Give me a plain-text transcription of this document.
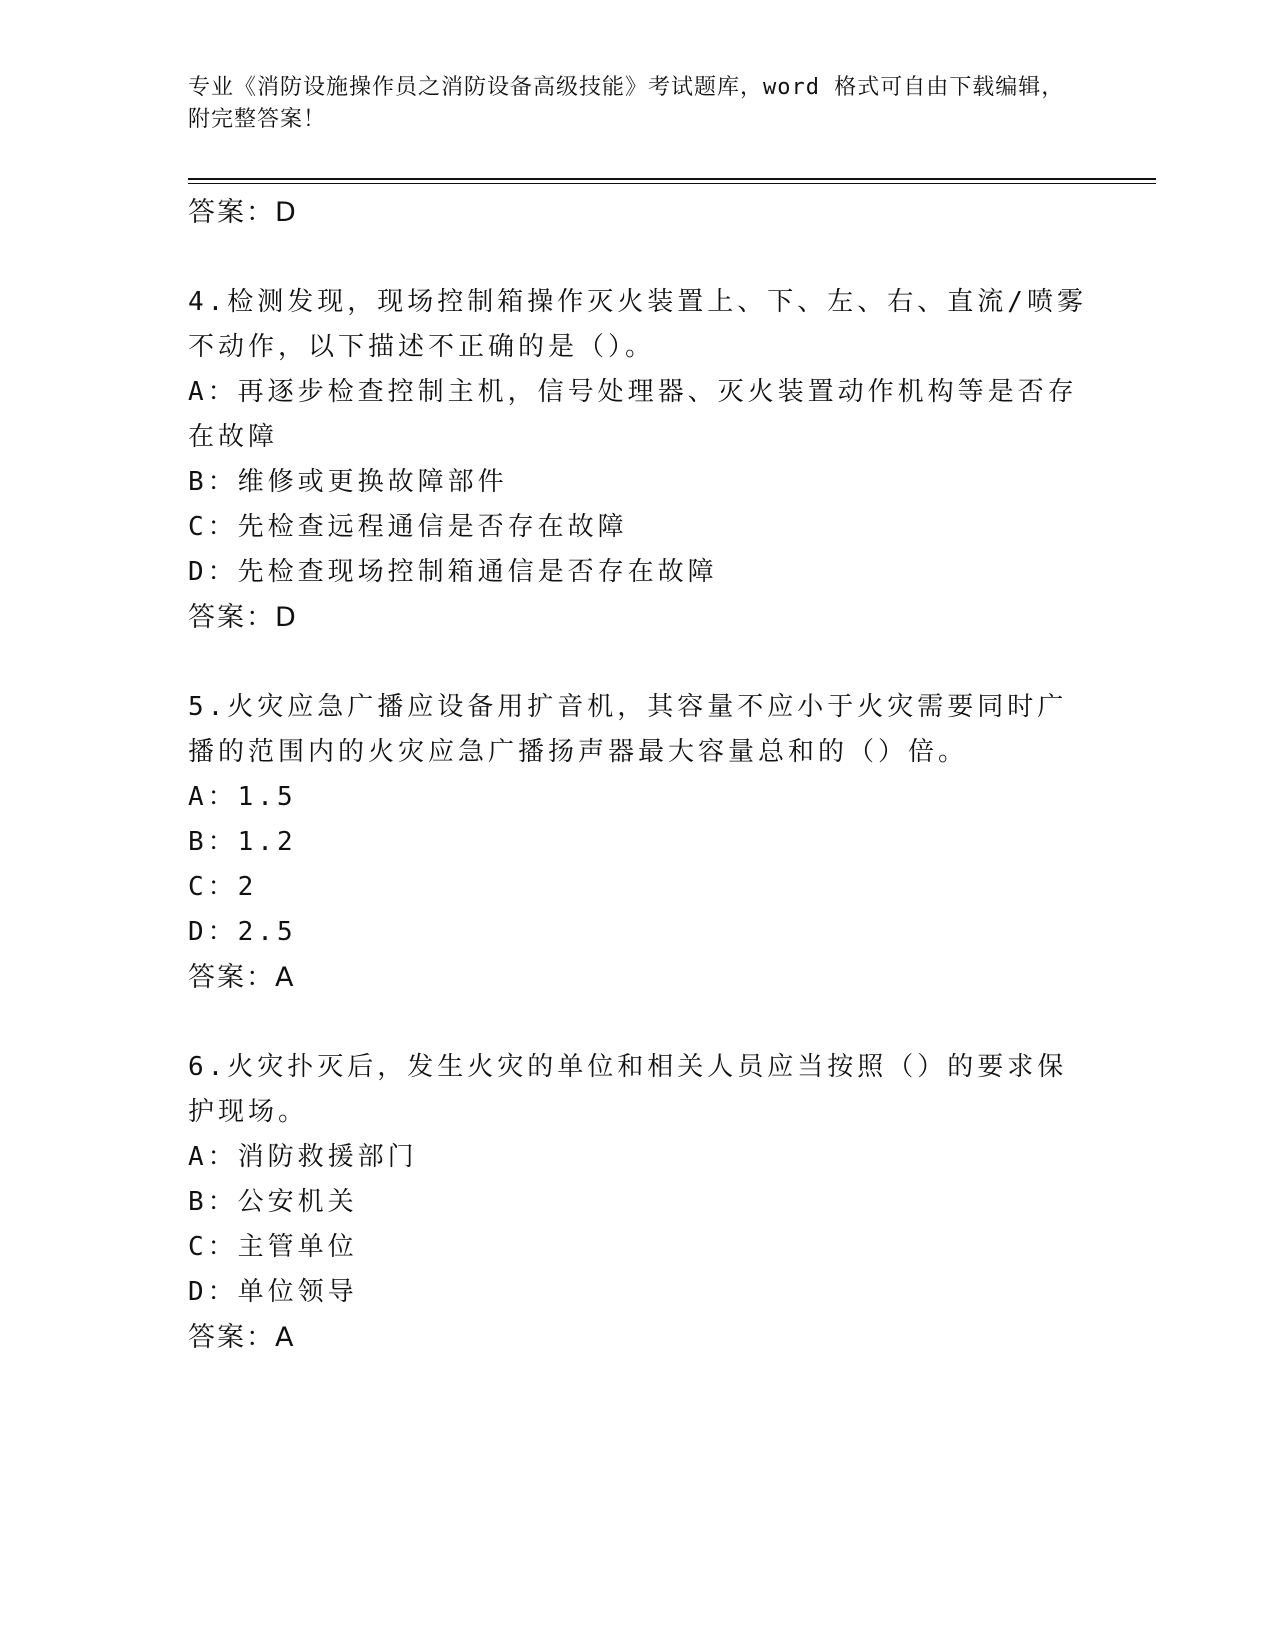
专业《消防设施操作员之消防设备高级技能》考试题库，word 格式可自由下载编辑，附完整答案！
答案：D
4.检测发现，现场控制箱操作灭火装置上、下、左、右、直流/喷雾不动作，以下描述不正确的是（）。
A：再逐步检查控制主机，信号处理器、灭火装置动作机构等是否存在故障
B：维修或更换故障部件
C：先检查远程通信是否存在故障
D：先检查现场控制箱通信是否存在故障
答案：D
5.火灾应急广播应设备用扩音机，其容量不应小于火灾需要同时广播的范围内的火灾应急广播扬声器最大容量总和的（）倍。
A：1.5
B：1.2
C：2
D：2.5
答案：A
6.火灾扑灭后，发生火灾的单位和相关人员应当按照（）的要求保护现场。
A：消防救援部门
B：公安机关
C：主管单位
D：单位领导
答案：A
